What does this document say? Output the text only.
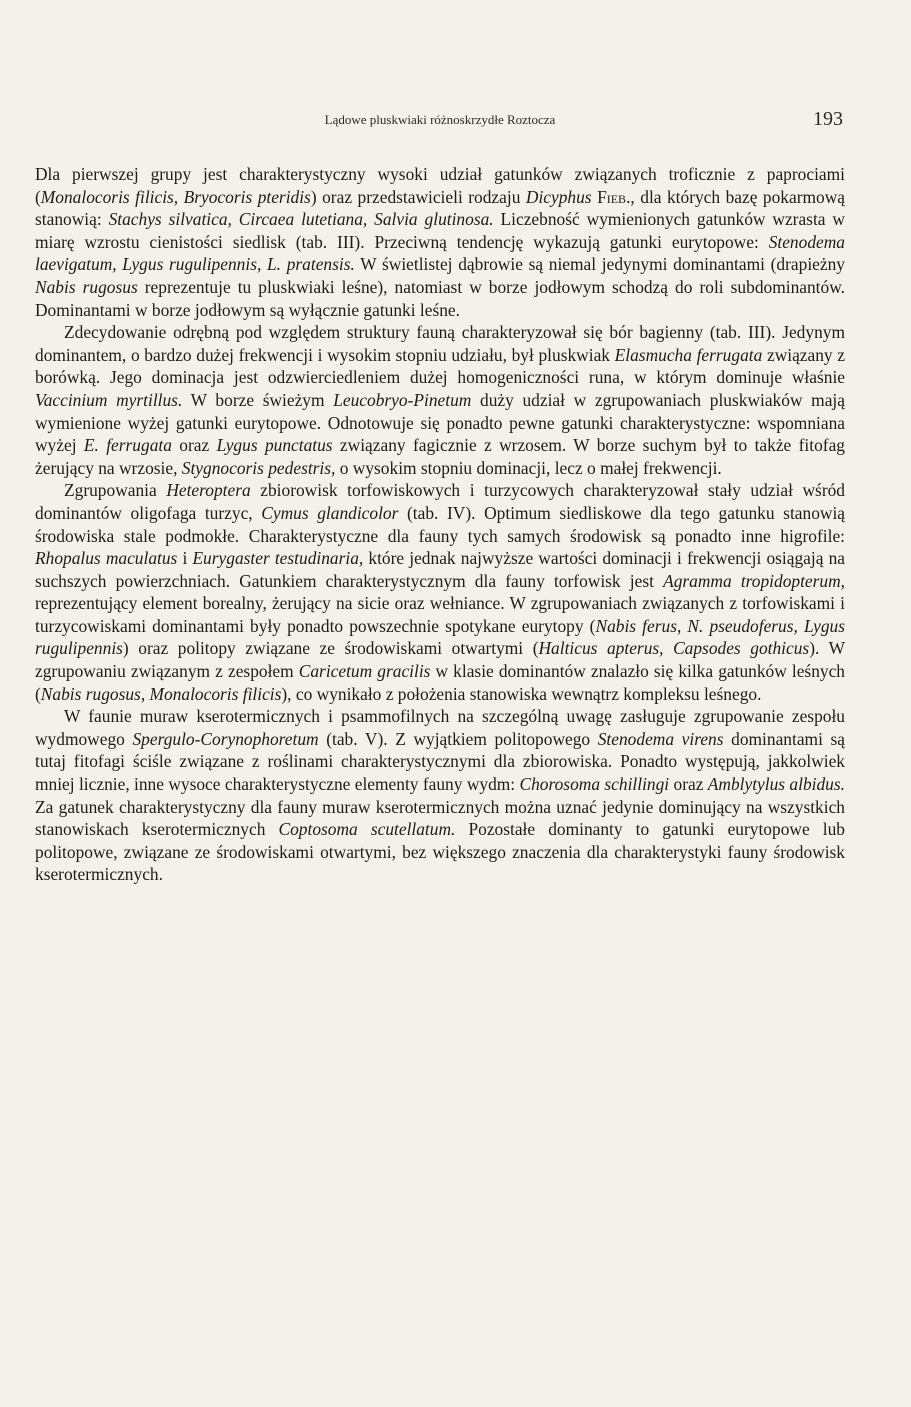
Lądowe pluskwiaki różnoskrzydłe Roztocza	193

Dla pierwszej grupy jest charakterystyczny wysoki udział gatunków związanych troficznie z paprociami (Monalocoris filicis, Bryocoris pteridis) oraz przedstawicieli rodzaju Dicyphus Fieb., dla których bazę pokarmową stanowią: Stachys silvatica, Circaea lutetiana, Salvia glutinosa. Liczebność wymienionych gatunków wzrasta w miarę wzrostu cienistości siedlisk (tab. III). Przeciwną tendencję wykazują gatunki eurytopowe: Stenodema laevigatum, Lygus rugulipennis, L. pratensis. W świetlistej dąbrowie są niemal jedynymi dominantami (drapieżny Nabis rugosus reprezentuje tu pluskwiaki leśne), natomiast w borze jodłowym schodzą do roli subdominantów. Dominantami w borze jodłowym są wyłącznie gatunki leśne.

Zdecydowanie odrębną pod względem struktury fauną charakteryzował się bór bagienny (tab. III). Jedynym dominantem, o bardzo dużej frekwencji i wysokim stopniu udziału, był pluskwiak Elasmucha ferrugata związany z borówką. Jego dominacja jest odzwierciedleniem dużej homogeniczności runa, w którym dominuje właśnie Vaccinium myrtillus. W borze świeżym Leucobryo-Pinetum duży udział w zgrupowaniach pluskwiaków mają wymienione wyżej gatunki eurytopowe. Odnotowuje się ponadto pewne gatunki charakterystyczne: wspomniana wyżej E. ferrugata oraz Lygus punctatus związany fagicznie z wrzosem. W borze suchym był to także fitofag żerujący na wrzosie, Stygnocoris pedestris, o wysokim stopniu dominacji, lecz o małej frekwencji.

Zgrupowania Heteroptera zbiorowisk torfowiskowych i turzycowych charakteryzował stały udział wśród dominantów oligofaga turzyc, Cymus glandicolor (tab. IV). Optimum siedliskowe dla tego gatunku stanowią środowiska stale podmokłe. Charakterystyczne dla fauny tych samych środowisk są ponadto inne higrofile: Rhopalus maculatus i Eurygaster testudinaria, które jednak najwyższe wartości dominacji i frekwencji osiągają na suchszych powierzchniach. Gatunkiem charakterystycznym dla fauny torfowisk jest Agramma tropidopterum, reprezentujący element borealny, żerujący na sicie oraz wełniance. W zgrupowaniach związanych z torfowiskami i turzycowiskami dominantami były ponadto powszechnie spotykane eurytopy (Nabis ferus, N. pseudoferus, Lygus rugulipennis) oraz politopy związane ze środowiskami otwartymi (Halticus apterus, Capsodes gothicus). W zgrupowaniu związanym z zespołem Caricetum gracilis w klasie dominantów znalazło się kilka gatunków leśnych (Nabis rugosus, Monalocoris filicis), co wynikało z położenia stanowiska wewnątrz kompleksu leśnego.

W faunie muraw kserotermicznych i psammofilnych na szczególną uwagę zasługuje zgrupowanie zespołu wydmowego Spergulo-Corynophoretum (tab. V). Z wyjątkiem politopowego Stenodema virens dominantami są tutaj fitofagi ściśle związane z roślinami charakterystycznymi dla zbiorowiska. Ponadto występują, jakkolwiek mniej licznie, inne wysoce charakterystyczne elementy fauny wydm: Chorosoma schillingi oraz Amblytylus albidus. Za gatunek charakterystyczny dla fauny muraw kserotermicznych można uznać jedynie dominujący na wszystkich stanowiskach kserotermicznych Coptosoma scutellatum. Pozostałe dominanty to gatunki eurytopowe lub politopowe, związane ze środowiskami otwartymi, bez większego znaczenia dla charakterystyki fauny środowisk kserotermicznych.
